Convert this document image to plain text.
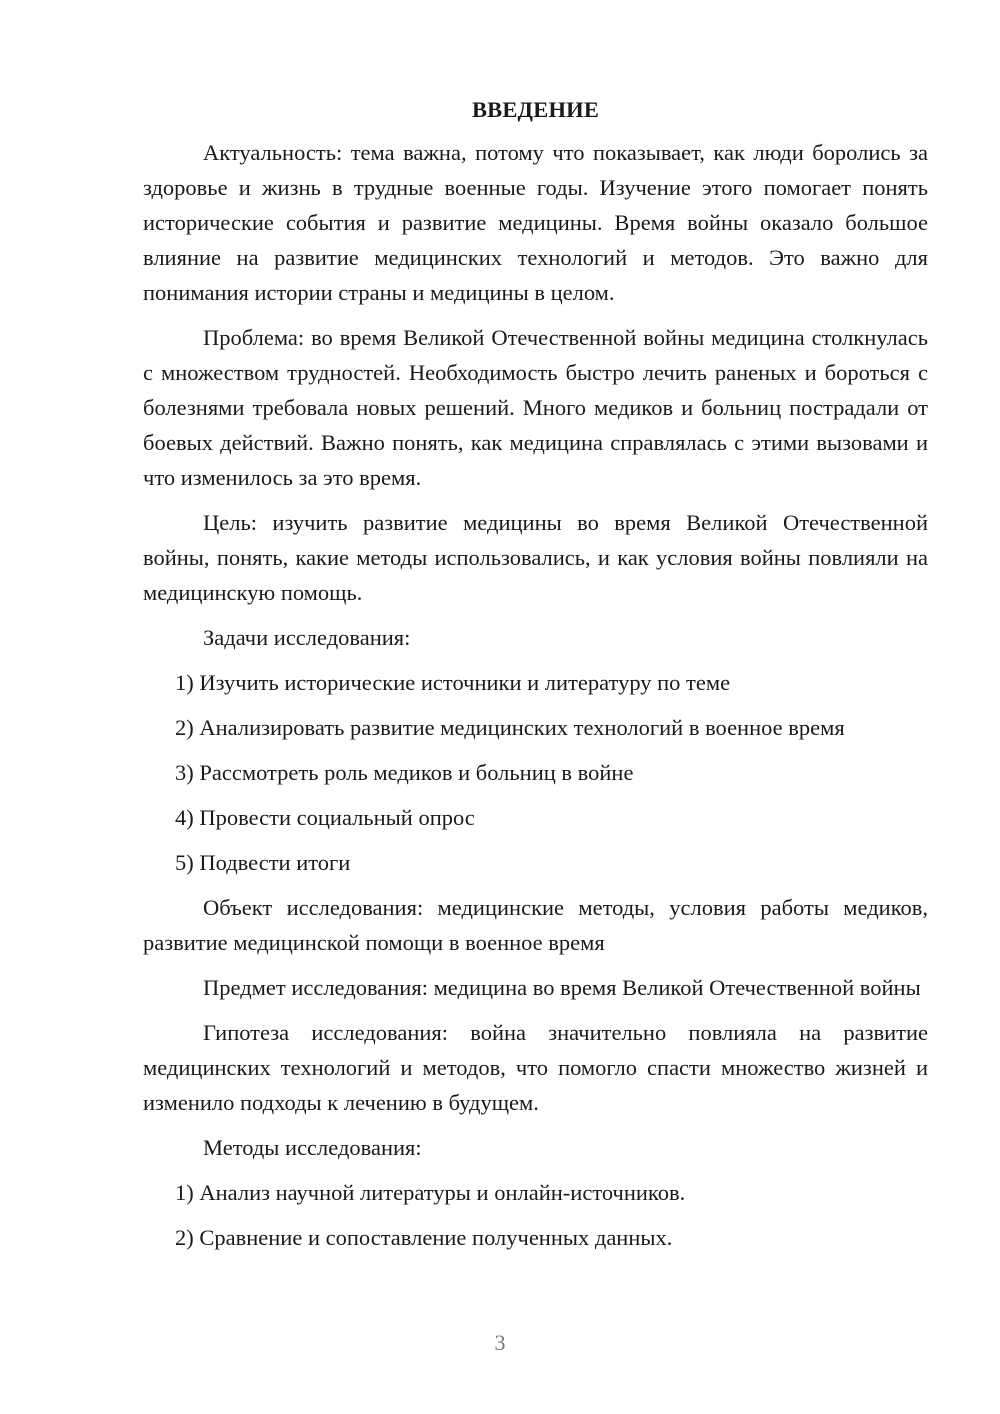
ВВЕДЕНИЕ

Актуальность: тема важна, потому что показывает, как люди боролись за здоровье и жизнь в трудные военные годы. Изучение этого помогает понять исторические события и развитие медицины. Время войны оказало большое влияние на развитие медицинских технологий и методов. Это важно для понимания истории страны и медицины в целом.

Проблема: во время Великой Отечественной войны медицина столкнулась с множеством трудностей. Необходимость быстро лечить раненых и бороться с болезнями требовала новых решений. Много медиков и больниц пострадали от боевых действий. Важно понять, как медицина справлялась с этими вызовами и что изменилось за это время.

Цель: изучить развитие медицины во время Великой Отечественной войны, понять, какие методы использовались, и как условия войны повлияли на медицинскую помощь.

Задачи исследования:
1) Изучить исторические источники и литературу по теме
2) Анализировать развитие медицинских технологий в военное время
3) Рассмотреть роль медиков и больниц в войне
4) Провести социальный опрос
5) Подвести итоги

Объект исследования: медицинские методы, условия работы медиков, развитие медицинской помощи в военное время

Предмет исследования: медицина во время Великой Отечественной войны

Гипотеза исследования: война значительно повлияла на развитие медицинских технологий и методов, что помогло спасти множество жизней и изменило подходы к лечению в будущем.

Методы исследования:
1) Анализ научной литературы и онлайн-источников.
2) Сравнение и сопоставление полученных данных.
3
